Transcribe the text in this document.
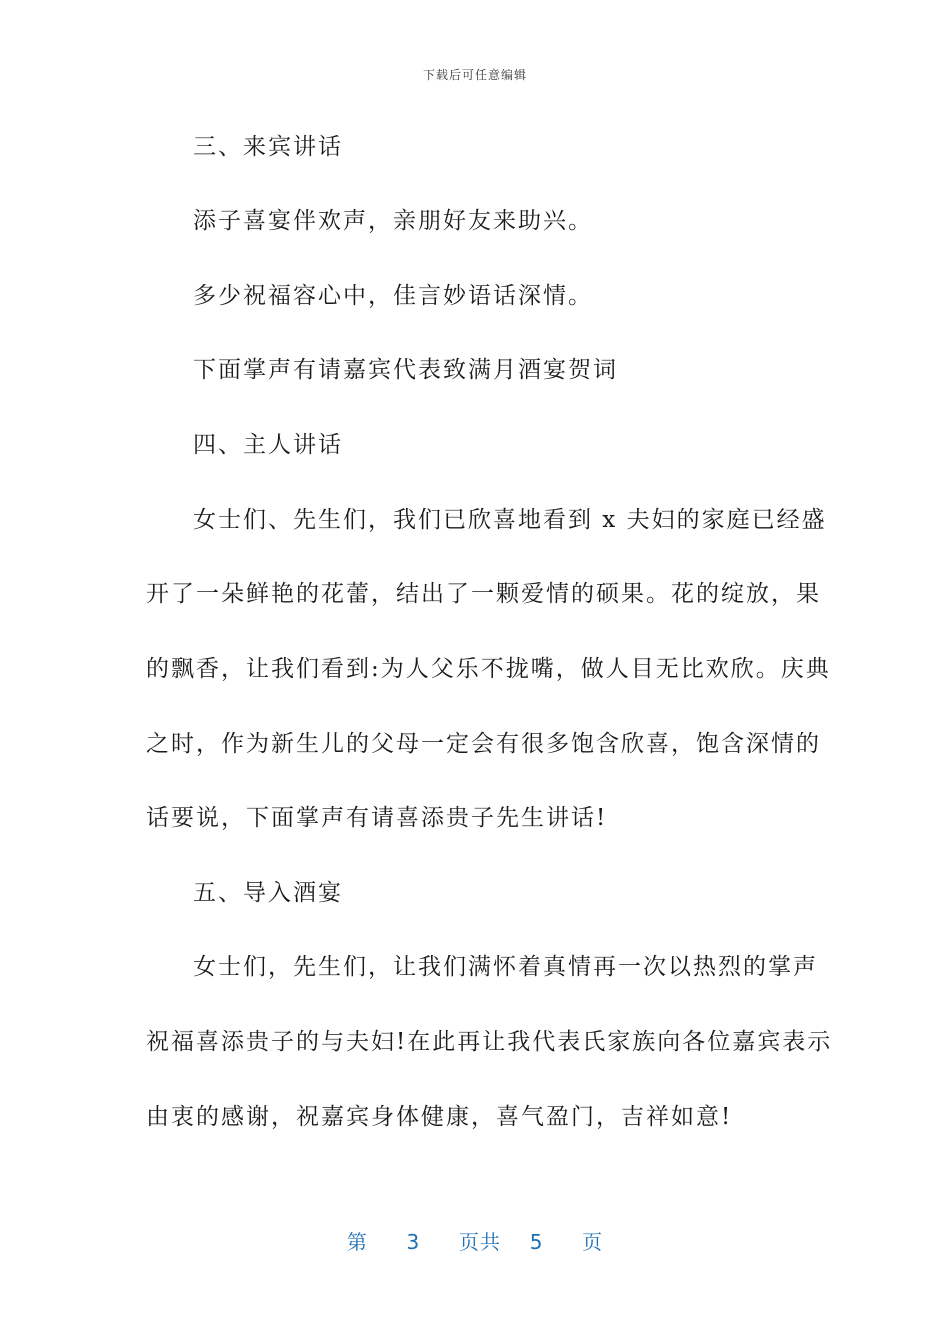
下载后可任意编辑

三、来宾讲话

添子喜宴伴欢声，亲朋好友来助兴。

多少祝福容心中，佳言妙语话深情。

下面掌声有请嘉宾代表致满月酒宴贺词

四、主人讲话

女士们、先生们，我们已欣喜地看到 x 夫妇的家庭已经盛

开了一朵鲜艳的花蕾，结出了一颗爱情的硕果。花的绽放，果

的飘香，让我们看到:为人父乐不拢嘴，做人目无比欢欣。庆典

之时，作为新生儿的父母一定会有很多饱含欣喜，饱含深情的

话要说，下面掌声有请喜添贵子先生讲话!

五、导入酒宴

女士们，先生们，让我们满怀着真情再一次以热烈的掌声

祝福喜添贵子的与夫妇!在此再让我代表氏家族向各位嘉宾表示

由衷的感谢，祝嘉宾身体健康，喜气盈门，吉祥如意!

第 3 页共 5 页
